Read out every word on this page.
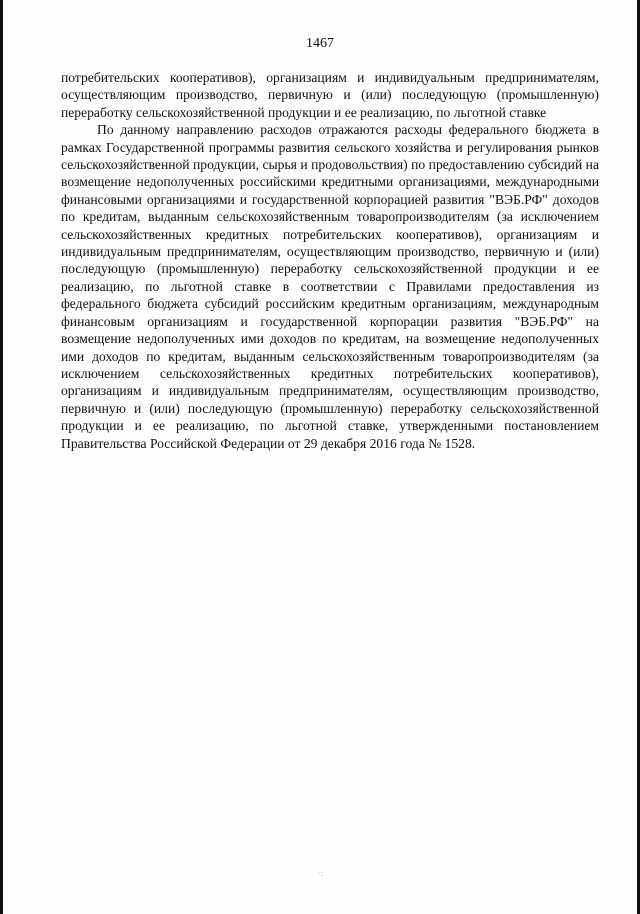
1467

потребительских кооперативов), организациям и индивидуальным предпринимателям, осуществляющим производство, первичную и (или) последующую (промышленную) переработку сельскохозяйственной продукции и ее реализацию, по льготной ставке

По данному направлению расходов отражаются расходы федерального бюджета в рамках Государственной программы развития сельского хозяйства и регулирования рынков сельскохозяйственной продукции, сырья и продовольствия) по предоставлению субсидий на возмещение недополученных российскими кредитными организациями, международными финансовыми организациями и государственной корпорацией развития "ВЭБ.РФ" доходов по кредитам, выданным сельскохозяйственным товаропроизводителям (за исключением сельскохозяйственных кредитных потребительских кооперативов), организациям и индивидуальным предпринимателям, осуществляющим производство, первичную и (или) последующую (промышленную) переработку сельскохозяйственной продукции и ее реализацию, по льготной ставке в соответствии с Правилами предоставления из федерального бюджета субсидий российским кредитным организациям, международным финансовым организациям и государственной корпорации развития "ВЭБ.РФ" на возмещение недополученных ими доходов по кредитам, на возмещение недополученных ими доходов по кредитам, выданным сельскохозяйственным товаропроизводителям (за исключением сельскохозяйственных кредитных потребительских кооперативов), организациям и индивидуальным предпринимателям, осуществляющим производство, первичную и (или) последующую (промышленную) переработку сельскохозяйственной продукции и ее реализацию, по льготной ставке, утвержденными постановлением Правительства Российской Федерации от 29 декабря 2016 года № 1528.

·:
